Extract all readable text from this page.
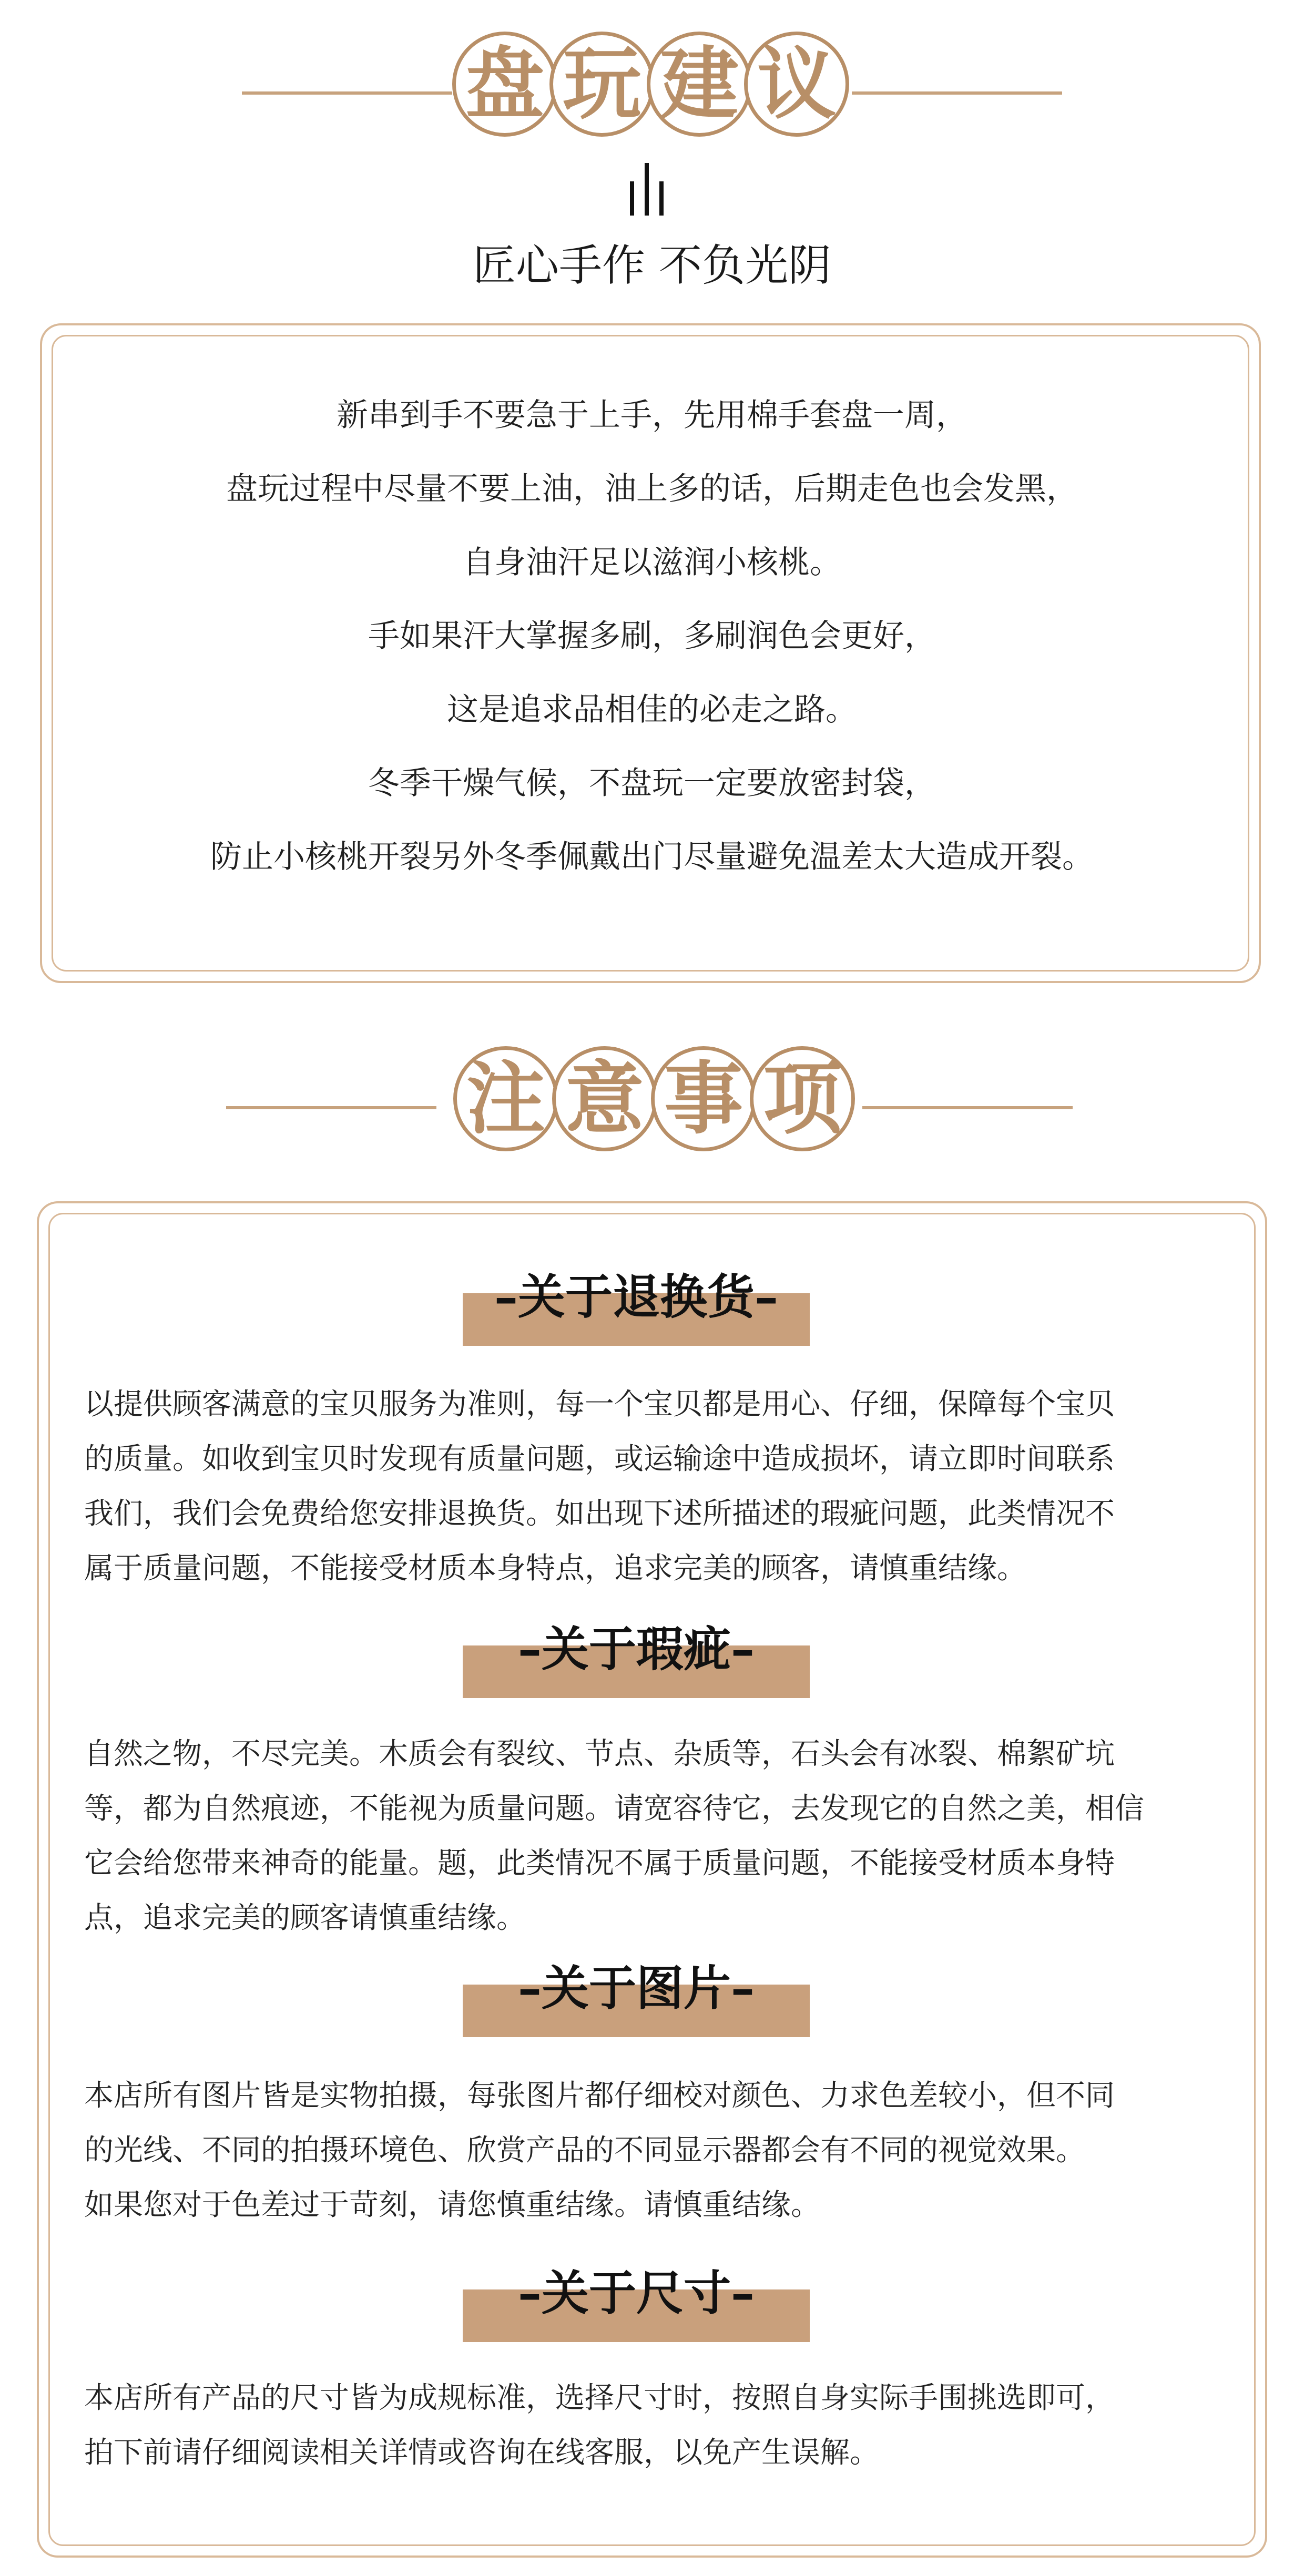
盘 玩 建 议
匠心手作 不负光阴
新串到手不要急于上手，先用棉手套盘一周，
盘玩过程中尽量不要上油，油上多的话，后期走色也会发黑，
自身油汗足以滋润小核桃。
手如果汗大掌握多刷，多刷润色会更好，
这是追求品相佳的必走之路。
冬季干燥气候，不盘玩一定要放密封袋，
防止小核桃开裂另外冬季佩戴出门尽量避免温差太大造成开裂。
注 意 事 项
–关于退换货–
以提供顾客满意的宝贝服务为准则，每一个宝贝都是用心、仔细，保障每个宝贝
的质量。如收到宝贝时发现有质量问题，或运输途中造成损坏，请立即时间联系
我们，我们会免费给您安排退换货。如出现下述所描述的瑕疵问题，此类情况不
属于质量问题，不能接受材质本身特点，追求完美的顾客，请慎重结缘。
–关于瑕疵–
自然之物，不尽完美。木质会有裂纹、节点、杂质等，石头会有冰裂、棉絮矿坑
等，都为自然痕迹，不能视为质量问题。请宽容待它，去发现它的自然之美，相信
它会给您带来神奇的能量。题，此类情况不属于质量问题，不能接受材质本身特
点，追求完美的顾客请慎重结缘。
–关于图片–
本店所有图片皆是实物拍摄，每张图片都仔细校对颜色、力求色差较小，但不同
的光线、不同的拍摄环境色、欣赏产品的不同显示器都会有不同的视觉效果。
如果您对于色差过于苛刻，请您慎重结缘。请慎重结缘。
–关于尺寸–
本店所有产品的尺寸皆为成规标准，选择尺寸时，按照自身实际手围挑选即可，
拍下前请仔细阅读相关详情或咨询在线客服，以免产生误解。
